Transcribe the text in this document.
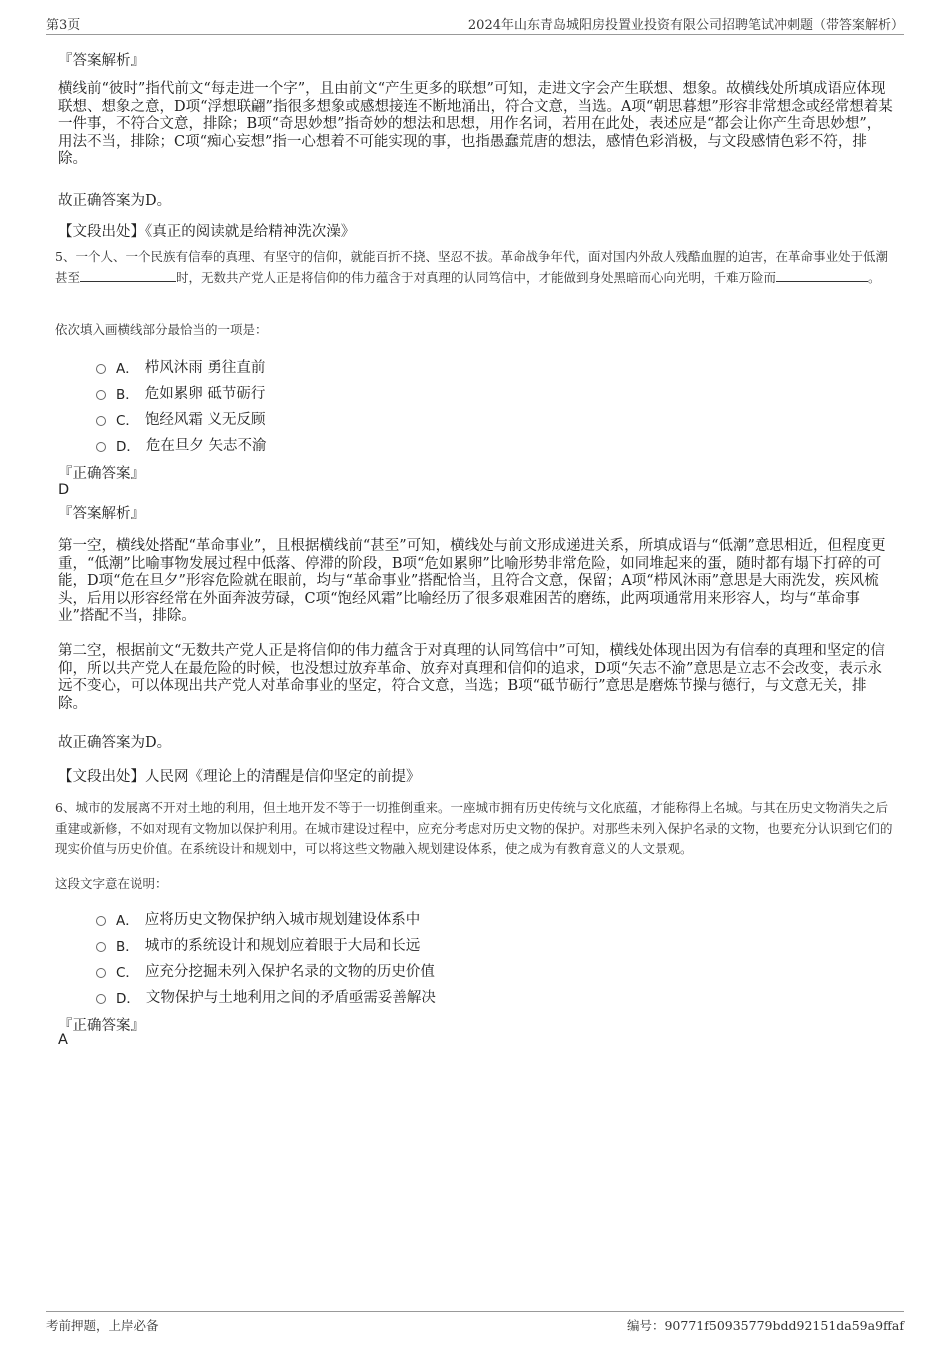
第3页	2024年山东青岛城阳房投置业投资有限公司招聘笔试冲刺题（带答案解析）
『答案解析』
横线前“彼时”指代前文“每走进一个字”，且由前文“产生更多的联想”可知，走进文字会产生联想、想象。故横线处所填成语应体现联想、想象之意，D项“浮想联翩”指很多想象或感想接连不断地涌出，符合文意，当选。A项“朝思暮想”形容非常想念或经常想着某一件事，不符合文意，排除；B项“奇思妙想”指奇妙的想法和思想，用作名词，若用在此处，表述应是“都会让你产生奇思妙想”，用法不当，排除；C项“痴心妄想”指一心想着不可能实现的事，也指愚蠢荒唐的想法，感情色彩消极，与文段感情色彩不符，排除。
故正确答案为D。
【文段出处】《真正的阅读就是给精神洗次澡》
5、一个人、一个民族有信奉的真理、有坚守的信仰，就能百折不挠、坚忍不拔。革命战争年代，面对国内外敌人残酷血腥的迫害，在革命事业处于低潮甚至	时，无数共产党人正是将信仰的伟力蕴含于对真理的认同笃信中，才能做到身处黑暗而心向光明，千难万险而	。
依次填入画横线部分最恰当的一项是：
A． 栉风沐雨 勇往直前
B． 危如累卵 砥节砺行
C． 饱经风霜 义无反顾
D． 危在旦夕 矢志不渝
『正确答案』
D
『答案解析』
第一空，横线处搭配“革命事业”，且根据横线前“甚至”可知，横线处与前文形成递进关系，所填成语与“低潮”意思相近，但程度更重，“低潮”比喻事物发展过程中低落、停滞的阶段，B项“危如累卵”比喻形势非常危险，如同堆起来的蛋，随时都有塌下打碎的可能，D项“危在旦夕”形容危险就在眼前，均与“革命事业”搭配恰当，且符合文意，保留；A项“栉风沐雨”意思是大雨洗发，疾风梳头，后用以形容经常在外面奔波劳碌，C项“饱经风霜”比喻经历了很多艰难困苦的磨练，此两项通常用来形容人，均与“革命事业”搭配不当，排除。
第二空，根据前文“无数共产党人正是将信仰的伟力蕴含于对真理的认同笃信中”可知，横线处体现出因为有信奉的真理和坚定的信仰，所以共产党人在最危险的时候，也没想过放弃革命、放弃对真理和信仰的追求，D项“矢志不渝”意思是立志不会改变，表示永远不变心，可以体现出共产党人对革命事业的坚定，符合文意，当选；B项“砥节砺行”意思是磨炼节操与德行，与文意无关，排除。
故正确答案为D。
【文段出处】人民网《理论上的清醒是信仰坚定的前提》
6、城市的发展离不开对土地的利用，但土地开发不等于一切推倒重来。一座城市拥有历史传统与文化底蕴，才能称得上名城。与其在历史文物消失之后重建或新修，不如对现有文物加以保护利用。在城市建设过程中，应充分考虑对历史文物的保护。对那些未列入保护名录的文物，也要充分认识到它们的现实价值与历史价值。在系统设计和规划中，可以将这些文物融入规划建设体系，使之成为有教育意义的人文景观。
这段文字意在说明：
A． 应将历史文物保护纳入城市规划建设体系中
B． 城市的系统设计和规划应着眼于大局和长远
C． 应充分挖掘未列入保护名录的文物的历史价值
D． 文物保护与土地利用之间的矛盾亟需妥善解决
『正确答案』
A
考前押题，上岸必备	编号：90771f50935779bdd92151da59a9ffaf
